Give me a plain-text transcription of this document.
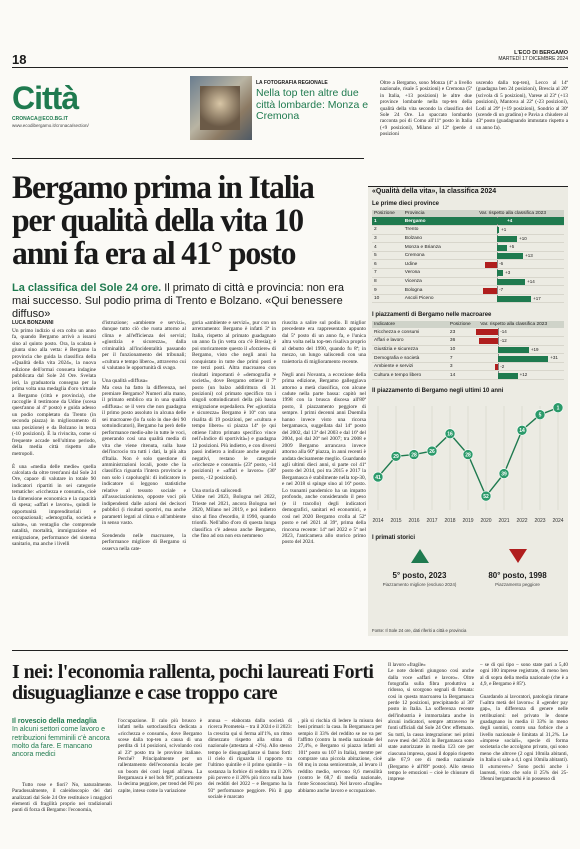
18	L'ECO DI BERGAMO
MARTEDÌ 17 DICEMBRE 2024
Città
CRONACA@ECO.BG.IT
www.ecodibergamo.it/cronaca/section/
LA FOTOGRAFIA REGIONALE
Nella top ten altre due città lombarde: Monza e Cremona
Oltre a Bergamo, sono Monza (4ª a livello nazionale, risale 5 posizioni) e Cremona (5ª in Italia, +13 posizioni) le altre due province lombarde nella top-ten della qualità della vita secondo la classifica del Sole 24 Ore. Lo spaccato lombardo racconta poi di Como all'11ª posto in Italia (+9 posizioni), Milano al 12ª (perde 4 posizioni
uscendo dalla top-ten), Lecco al 14ª (guadagna ben 24 posizioni), Brescia al 20ª (scivola di 5 posizioni), Varese al 23ª (+13 posizioni), Mantova al 22ª (-23 posizioni), Lodi al 29ª (+19 posizioni), Sondrio al 30ª (scende di un gradino) e Pavia a chiudere al 43ª posto (guadagnando immutato rispetto a un anno fa).
Bergamo prima in Italia per qualità della vita 10 anni fa era al 41° posto
La classifica del Sole 24 ore. Il primato di città e provincia: non era mai successo. Sul podio prima di Trento e Bolzano. «Qui benessere diffuso»
LUCA BONZANNI
Un primo indizio si era colto un anno fa, quando Bergamo arrivò a issarsi sino al quinto posto. Ora, la scalata è giunta sino alla vetta: è Bergamo la provincia che guida la classifica della «Qualità della vita 2024», la nuova edizione dell'ormai consueta indagine pubblicata dal Sole 24 Ore. Svelata ieri, la graduatoria consegna per la prima volta una medaglia d'oro virtuale a Bergamo (città e provincia), che raccoglie il testimone da Udine (scesa quest'anno al 4ª posto) e guida adesso un podio completato da Trento (in seconda piazza) in miglioramento di una posizione) e da Bolzano in terza (-10 posizioni). È la rivincita, come si frequente accade nell'ultimo periodo, della media città rispetto alle metropoli.

È una «media delle medie» quella calcolata da oltre trent'anni dal Sole 24 Ore, capace di valutare in totale 90 indicatori ripartiti in sei categorie tematiche: «ricchezza e consumi», cioè la dimensione economica e la capacità di spesa; «affari e lavoro», quindi le opportunità imprenditoriali e occupazionali; «demografia, società e salute», un ventaglio che comprende natalità, mortalità, immigrazione ed emigrazione, performance del sistema sanitario, ma anche i livelli
d'istruzione; «ambiente e servizi», dunque tutto ciò che ruota attorno al clima e all'efficienza dei servizi; «giustizia e sicurezza», dalla criminalità all'incidentalità passando per il funzionamento dei tribunali; «cultura e tempo libero», attraverso cui si valutano le opportunità di svago.

Una qualità «diffusa»
Ma cosa ha fatto la differenza, nel premiare Bergamo? Numeri alla mano, il primato emblico sta in una qualità «diffusa»: se il vero che non guadagna il primo posto assoluto in alcuna delle sei macroaree (lo fa solo in due dei 90 sottoindicatori), Bergamo ha però delle performance medio-alte in tutte le voci, generando così una qualità media di vita che viene ritenuta, sulla base dell'incrocio tra tutti i dati, la più alta d'Italia. Non è solo questione di amministrazioni locali, poste che la classifica riguarda l'intera provincia e non solo i capoluoghi: di indicatore in indicatore si leggono statistiche relative al tessuto sociale e all'associazionismo, opposte voci più indipendenti dalle azioni dei decisori pubblici (i risultati sportivi, ma anche parametri legati al clima e all'ambiente in senso vasto.

Scendendo nelle macroaree, la performance migliore di Bergamo si osserva nella cate-
goria «ambiente e servizi», pur con un arretramento: Bergamo è infatti 3ª in Italia, rispetto al primato guadagnato un anno fa (in vetta ora c'è Bresia); è poi storicamente questo il «forziere» di Bergamo, visto che negli anni ha conquistato in tutte due primi posti e tre terzi posti. Altra macroarea con risultati importanti è «demografia e società», dove Bergamo ottiene il 7ª posto (un balzo addirittura di 31 posizioni) col primato specifico tra i singoli sottoindicatori della più bassa emigrazione ospedaliera. Per «giustizia e sicurezza» Bergamo è 10ª con una risalita di 19 posizioni, per «cultura e tempo libero» si piazza 14ª (e qui ottiene l'altro primato specifico vince nell'«Indice di sportività») e guadagna 12 posizioni. Più indietro, e con diversi passi indietro a indicare anche segnali negativi, restano le categorie «ricchezze e consumi» (23ª posto, -14 posizioni) e «affari e lavoro» (36ª posto, -12 posizioni).

Una storia di saliscendi
Udine nel 2023, Bologna nel 2022, Trieste nel 2021, ancora Bologna nel 2020, Milano nel 2019, e poi indietro sino al fino d'esordio, il 1990, quando trionfò. Nell'albo d'oro di questa lunga classifica c'è adesso anche Bergamo, che fino ad ora non era nemmeno
riuscita a salire sul podio. Il miglior precedente era rappresentato appunto dal 5ª posto di un anno fa, e l'unica altra volta nella top-ten risaliva proprio al debutto del 1990, quando fu 8ª; in mezzo, un lungo saliscendi con una traiettoria di miglioramento recente.

Negli anni Novanta, a eccezione della prima edizione, Bergamo galleggiava attorno a metà classifica, con alcune cadute nella parte bassa: capitò nel 1998 con la brusca discesa all'80ª posto, il piazzamento peggiore di sempre. I primi decenni anni Duemila hanno invece visto una ricorsa bergamasca, suggellata dal 14ª posto del 2002, dal 13ª del 2003 e dal 16ª del 2004, poi dal 20ª nel 2007; tra 2008 e 2009 Bergamo arrancava invece attorno alla 60ª piazza, in anni recenti è andata decisamente meglio. Guardando agli ultimi dieci anni, si parte col 41ª posto del 2014, poi tra 2015 e 2017 la Bergamasca è stabilmente nella top-30, e nel 2018 si spinge sino al 16ª posto. Lo tsunami pandemico ha un impatto profondo, anche considerando il peso (e il tracollo) degli indicatori demografici, sanitari ed economici, e così nel 2020 Bergamo crolla al 52ª posto e nel 2021 al 39ª, prima della rincorsa recente: 14ª nel 2022 e 5ª nel 2023, l'anticamera allo storico primo posto del 2024.
«Qualità della vita», la classifica 2024
Le prime dieci province
Posizione	Provincia	Var. rispetto alla classifica 2023
1	Bergamo	+4

2	Trento	+1

3	Bolzano	+10

4	Monza e Brianza	+5

5	Cremona	+13

6	Udine	-6

7	Verona	+3

8	Vicenza	+14

9	Bologna	-7

10	Ascoli Piceno	+17
I piazzamenti di Bergamo nelle macroaree
Indicatore	Posizione	Var. rispetto alla classifica 2023
Ricchezza e consumi	23	-14

Affari e lavoro	36	-12

Giustizia e sicurezza	10	+19

Demografia e società	7	+31

Ambiente e servizi	3	-2

Cultura e tempo libero	14	+12
Il piazzamento di Bergamo negli ultimi 10 anni
41
29 28
26
16
28
52
39
14
5
1
2014 2015 2016 2017 2018 2019 2020 2021 2022 2023 2024
I primati storici
5° posto, 2023
Piazzamento migliore (escluso 2024)
80° posto, 1998
Piazzamento peggiore
Fonte: Il Sole 24 ore, dati riferiti a città e provincia
I nei: l'economia rallenta, pochi laureati Forti disuguaglianze e case troppo care
Il rovescio della medaglia
In alcuni settori come lavoro e retribuzioni femminili c'è ancora molto da fare. E mancano ancora medici
Tutto rose e fiori? No, naturalmente. Paradossalmente, il caleidoscopio dei dati analizzati dal Sole 24 Ore restituisce i maggiori elementi di fragilità proprio nei tradizionali punti di forza di Bergamo: l'economia,
l'occupazione. Il calo più brusco è infatti nella sottoclassifica dedicata a «ricchezza e consumi», dove Bergamo scese dalla top-ten a causa di una perdita di 14 posizioni, scivolando così al 23ª posto tra le province italiane. Perché? Principalmente per un rallentamento dell'economia locale per un boom dei costi legati all'area. La Bergamasca è nel boh 98ª, praticamente la decima peggiore, per trend del Pil pro capite, inteso come la variazione
annua – elaborata dalla società di ricerca Prometeia – tra il 2024 e il 2023: la crescita qui si ferma all'1%, un ritmo dimezzato rispetto alla stima di nazionale (attestata al +2%). Allo stesso tempo le disuguaglianze si fanno forti: il cielo di riguarda il rapporto tra l'ultimo quintile e il primo quintile – in sostanza la forbice di reddito tra il 20% più povero e il 20% più ricco sulla base dei redditi del 2022 – e Bergamo ha la 93ª performance peggiore. Più il gap sociale è marcato
, più si rischia di ledere la misura dei beni primari: la casa. In Bergamasca per sempio il 33% del reddito se ne va per l'affitto (contro la media nazionale del 27,4%, e Bergamo si piazza infatti al 101ª posto su 107 in Italia), mentre per comprare una piccola abitazione, cioè 60 mq in zona semicentrale, al levaro il reddito medio, servono 8,6 mensilità (contro le 68,7 di media nazionale, fonte Sconosciuta). Nel lavoro «fragile» abbiamo anche lavoro e occupazione.
Il lavoro «fragile»
Le note dolenti giungono così anche dalla voce «affari e lavoro». Oltre fotografia sulla fibra produttiva a ridosso, si scorgono segnali di frenata: così in questa macroarea la Bergamasca perde 12 posizioni, precipitando al 36ª posto in Italia. La sofferenza recente dell'industria è immortalata anche in alcuni indicatori, sempre attraverso le fonti ufficiali dal Sole 24 Ore: effettuato. Su tutti, la cassa integrazione: nei primi nove mesi del 2024 in Bergamasca sono state autorizzate in media 123 ore per ciascuna impresa, quasi il doppio rispetto alle 67,9 ore di media nazionale (Bergamo è all'89ª posto). Allo stesso tempo le emozioni – cioè le chiusure di imprese
– se di qui tipo – sono state pari a 5,40 ogni 100 imprese registrate, di meno ben al di sopra della media nazionale (che è a 4,9, e Bergamo è 85ª).

Guardando ai lavoratori, patologia rimane l'«altra metà del lavoro»: il «gender pay gap», la differenza di genere nelle retribuzioni: nel privato le donne guadagnano in media il 33% in meno degli uomini, contro una forbice che a livello nazionale è limitata al 31,2%. Le «imprese sociali», specie di forma societaria che accolgono privato, qui sono meno che altrove (2 ogni 10mila abitanti, in Italia si sale a 4,1 ogni 10mila abitanti). Il «turnover»? Sono pochi anche i laureati, visto che solo il 25% dei 25-39enni bergamaschi è in possesso di
